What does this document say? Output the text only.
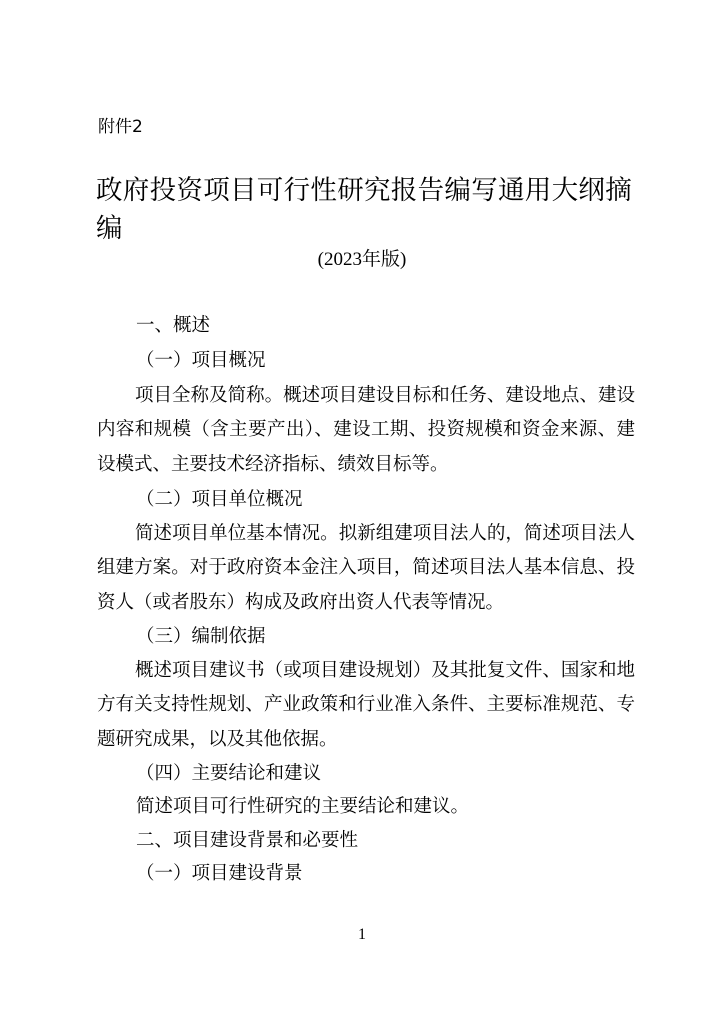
附件2
政府投资项目可行性研究报告编写通用大纲摘编
(2023年版)
一、概述
（一）项目概况

项目全称及简称。概述项目建设目标和任务、建设地点、建设内容和规模（含主要产出）、建设工期、投资规模和资金来源、建设模式、主要技术经济指标、绩效目标等。

（二）项目单位概况

简述项目单位基本情况。拟新组建项目法人的，简述项目法人组建方案。对于政府资本金注入项目，简述项目法人基本信息、投资人（或者股东）构成及政府出资人代表等情况。

（三）编制依据

概述项目建议书（或项目建设规划）及其批复文件、国家和地方有关支持性规划、产业政策和行业准入条件、主要标准规范、专题研究成果，以及其他依据。

（四）主要结论和建议
简述项目可行性研究的主要结论和建议。
二、项目建设背景和必要性
（一）项目建设背景
1
